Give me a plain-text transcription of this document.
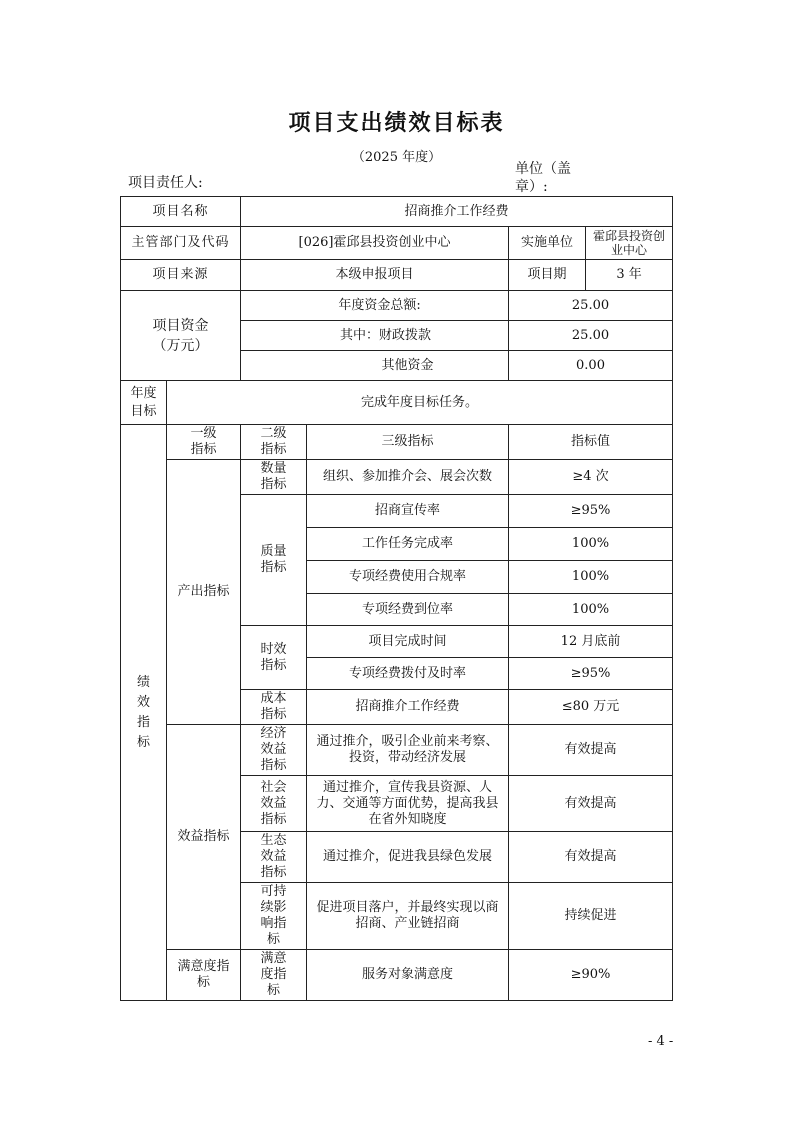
项目支出绩效目标表
（2025 年度）
项目责任人:
单位（盖章）:
项目名称		招商推介工作经费		
主管部门及代码		[026]霍邱县投资创业中心		实施单位 霍邱县投资创业中心

项目来源		本级申报项目		项目期 3 年

项目资金（万元）		年度资金总额:		25.00
		其中：财政拨款		25.00
		其他资金		0.00

年度目标	完成年度目标任务。			

绩效指标	一级指标	二级指标	三级指标	指标值
	产出指标	数量指标	组织、参加推介会、展会次数	≥4 次

		质量指标	招商宣传率	≥95%
			工作任务完成率	100%
			专项经费使用合规率	100%
			专项经费到位率	100%

		时效指标	项目完成时间	12 月底前
			专项经费拨付及时率	≥95%

		成本指标	招商推介工作经费	≤80 万元
	效益指标	经济效益指标	通过推介，吸引企业前来考察、投资，带动经济发展	有效提高

		社会效益指标	通过推介，宣传我县资源、人力、交通等方面优势，提高我县在省外知晓度	有效提高

		生态效益指标	通过推介，促进我县绿色发展	有效提高

		可持续影响指标	促进项目落户，并最终实现以商招商、产业链招商	持续促进

	满意度指标	满意度指标	服务对象满意度	≥90%
- 4 -
